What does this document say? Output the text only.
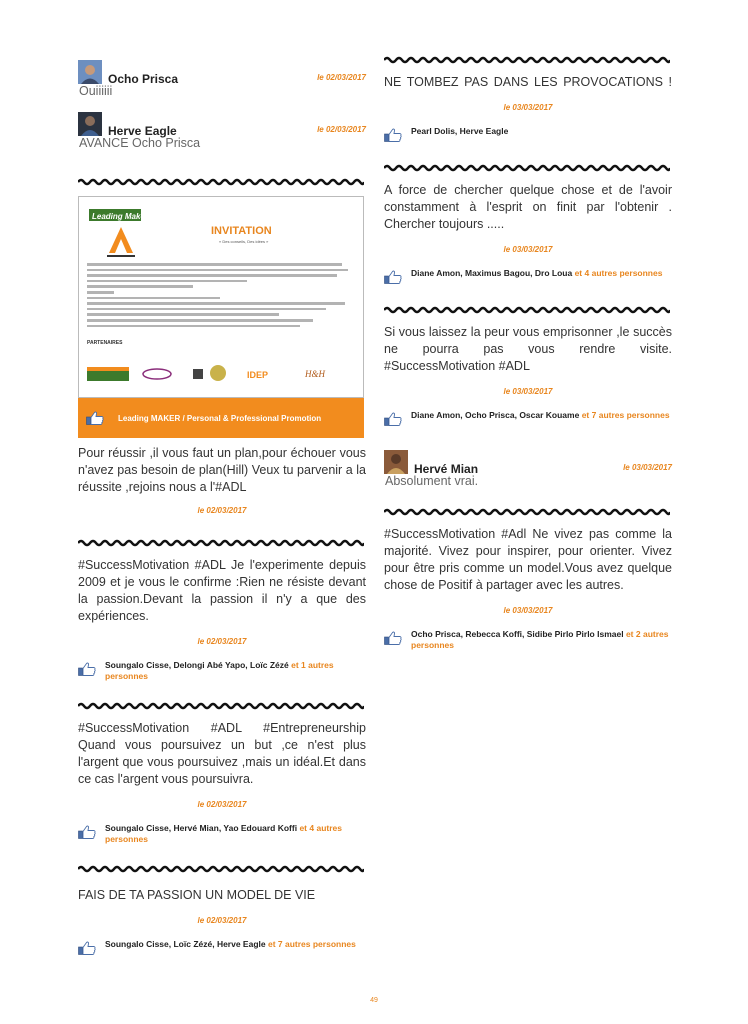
Ocho Prisca	le 02/03/2017
Ouiiiiii
Herve Eagle	le 02/03/2017
AVANCE Ocho Prisca
Leading Maker
INVITATION
« Des conseils, Des idées »
PARTENAIRES
IDEP	H&H
Leading MAKER / Personal & Professional Promotion

Pour réussir ,il vous faut un plan,pour échouer vous n'avez pas besoin de plan(Hill) Veux tu parvenir a la réussite ,rejoins nous a l'#ADL

le 02/03/2017

#SuccessMotivation #ADL Je l'experimente depuis 2009 et je vous le confirme :Rien ne résiste devant la passion.Devant la passion il n'y a que des expériences.

le 02/03/2017
Soungalo Cisse, Delongi Abé Yapo, Loïc Zézé et 1 autres personnes

#SuccessMotivation #ADL #Entrepreneurship Quand vous poursuivez un but ,ce n'est plus l'argent que vous poursuivez ,mais un idéal.Et dans ce cas l'argent vous poursuivra.

le 02/03/2017
Soungalo Cisse, Hervé Mian, Yao Edouard Koffi et 4 autres personnes

FAIS DE TA PASSION UN MODEL DE VIE

le 02/03/2017
Soungalo Cisse, Loïc Zézé, Herve Eagle et 7 autres personnes

NE TOMBEZ PAS DANS LES PROVOCATIONS !

le 03/03/2017
Pearl Dolis, Herve Eagle

A force de chercher quelque chose et de l'avoir constamment à l'esprit on finit par l'obtenir . Chercher toujours .....

le 03/03/2017
Diane Amon, Maximus Bagou, Dro Loua et 4 autres personnes

Si vous laissez la peur vous emprisonner ,le succès ne pourra pas vous rendre visite. #SuccessMotivation #ADL

le 03/03/2017
Diane Amon, Ocho Prisca, Oscar Kouame et 7 autres personnes
Hervé Mian	le 03/03/2017
Absolument vrai.

#SuccessMotivation #Adl Ne vivez pas comme la majorité. Vivez pour inspirer, pour orienter. Vivez pour être pris comme un model.Vous avez quelque chose de Positif à partager avec les autres.

le 03/03/2017
Ocho Prisca, Rebecca Koffi, Sidibe Pirlo Pirlo Ismael et 2 autres personnes
49
